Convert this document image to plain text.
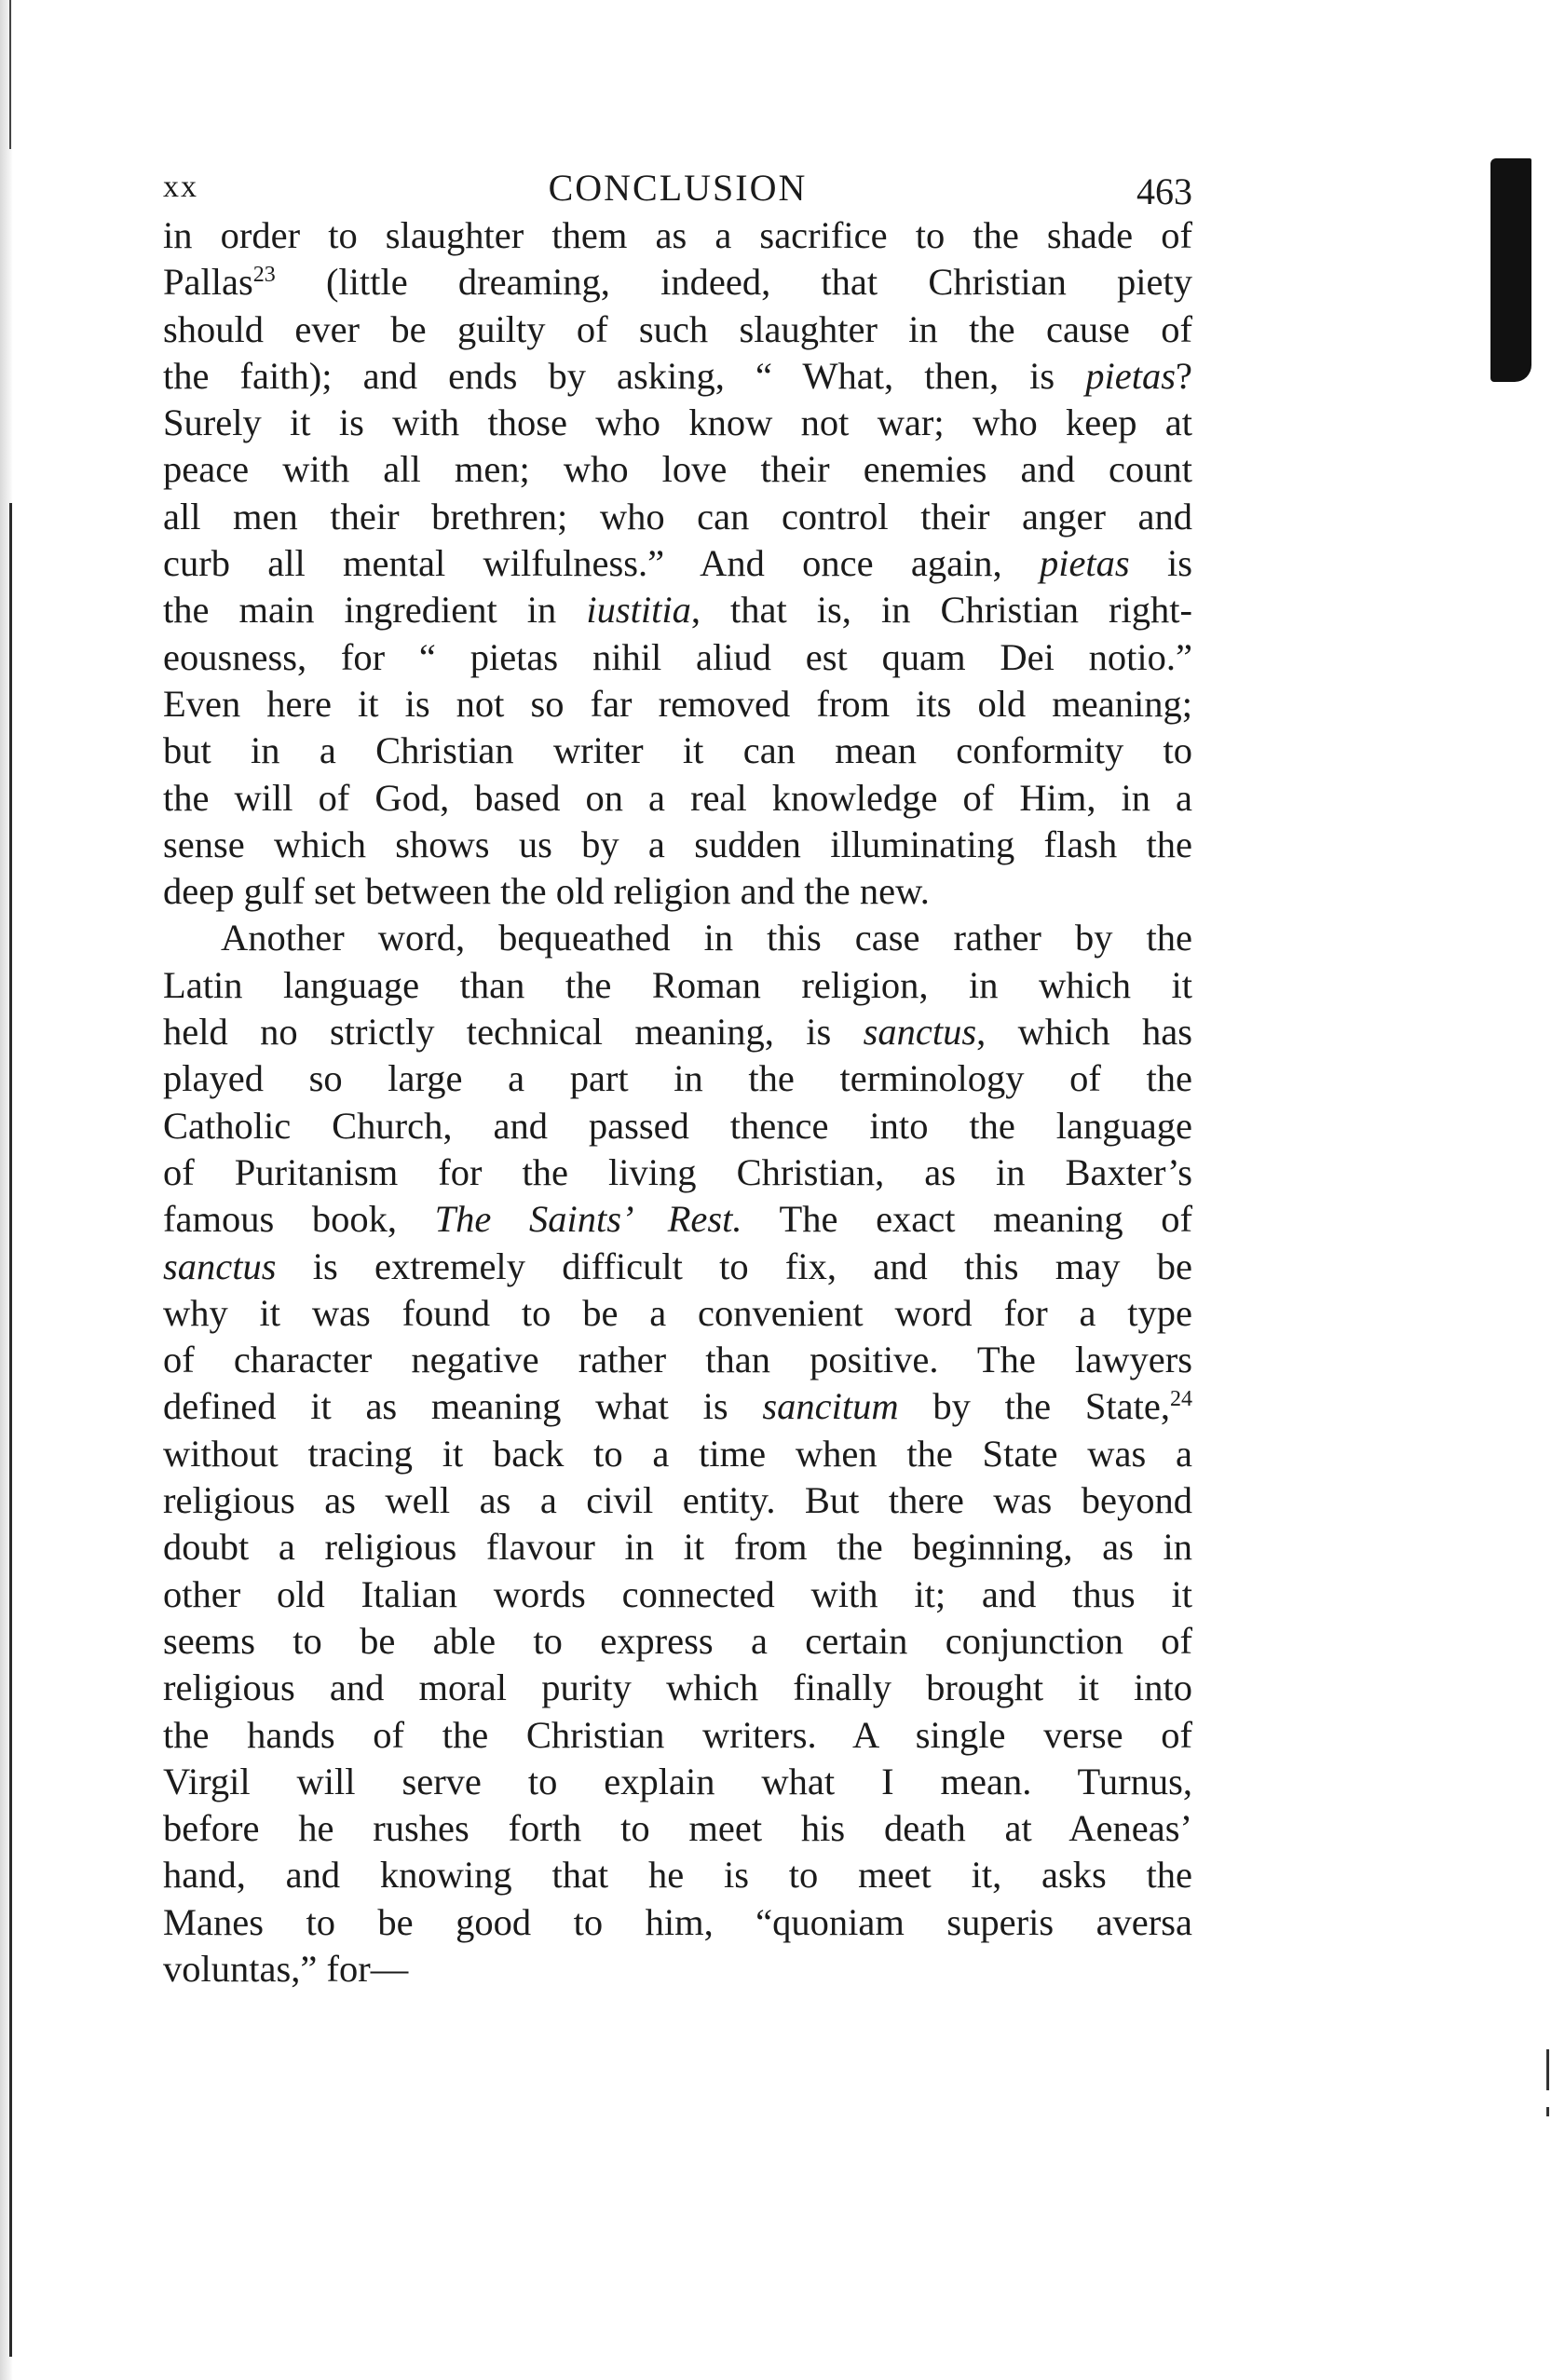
xx	CONCLUSION	463
in order to slaughter them as a sacrifice to the shade of
Pallas$^{23}$ (little dreaming, indeed, that Christian piety
should ever be guilty of such slaughter in the cause of
the faith); and ends by asking, “ What, then, is pietas?
Surely it is with those who know not war; who keep at
peace with all men; who love their enemies and count
all men their brethren; who can control their anger and
curb all mental wilfulness.” And once again, pietas is
the main ingredient in iustitia, that is, in Christian right-
eousness, for “ pietas nihil aliud est quam Dei notio.”
Even here it is not so far removed from its old meaning;
but in a Christian writer it can mean conformity to
the will of God, based on a real knowledge of Him, in a
sense which shows us by a sudden illuminating flash the
deep gulf set between the old religion and the new.
Another word, bequeathed in this case rather by the
Latin language than the Roman religion, in which it
held no strictly technical meaning, is sanctus, which has
played so large a part in the terminology of the
Catholic Church, and passed thence into the language
of Puritanism for the living Christian, as in Baxter’s
famous book, The Saints’ Rest. The exact meaning of
sanctus is extremely difficult to fix, and this may be
why it was found to be a convenient word for a type
of character negative rather than positive. The lawyers
defined it as meaning what is sancitum by the State,$^{24}$
without tracing it back to a time when the State was a
religious as well as a civil entity. But there was beyond
doubt a religious flavour in it from the beginning, as in
other old Italian words connected with it; and thus it
seems to be able to express a certain conjunction of
religious and moral purity which finally brought it into
the hands of the Christian writers. A single verse of
Virgil will serve to explain what I mean. Turnus,
before he rushes forth to meet his death at Aeneas’
hand, and knowing that he is to meet it, asks the
Manes to be good to him, “quoniam superis aversa
voluntas,” for—
